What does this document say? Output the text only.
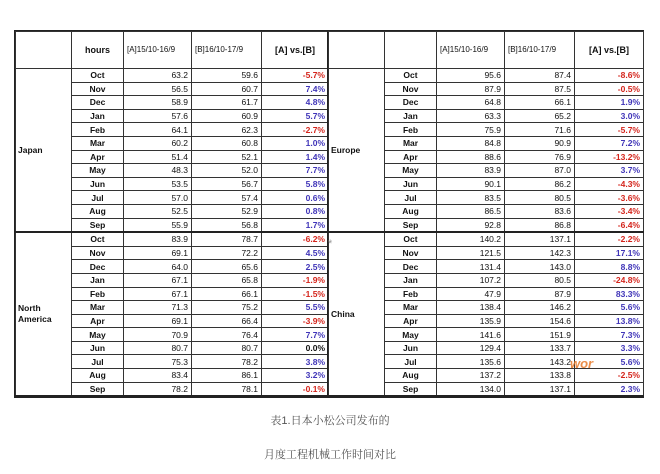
	hours	[A]15/10-16/9	[B]16/10-17/9	[A] vs.[B]
Japan	Oct	63.2	59.6	-5.7%
	Nov	56.5	60.7	7.4%
	Dec	58.9	61.7	4.8%
	Jan	57.6	60.9	5.7%
	Feb	64.1	62.3	-2.7%
	Mar	60.2	60.8	1.0%
	Apr	51.4	52.1	1.4%
	May	48.3	52.0	7.7%
	Jun	53.5	56.7	5.8%
	Jul	57.0	57.4	0.6%
	Aug	52.5	52.9	0.8%
	Sep	55.9	56.8	1.7%
North America	Oct	83.9	78.7	-6.2%
	Nov	69.1	72.2	4.5%
	Dec	64.0	65.6	2.5%
	Jan	67.1	65.8	-1.9%
	Feb	67.1	66.1	-1.5%
	Mar	71.3	75.2	5.5%
	Apr	69.1	66.4	-3.9%
	May	70.9	76.4	7.7%
	Jun	80.7	80.7	0.0%
	Jul	75.3	78.2	3.8%
	Aug	83.4	86.1	3.2%
	Sep	78.2	78.1	-0.1%
		[A]15/10-16/9	[B]16/10-17/9	[A] vs.[B]
Europe	Oct	95.6	87.4	-8.6%
	Nov	87.9	87.5	-0.5%
	Dec	64.8	66.1	1.9%
	Jan	63.3	65.2	3.0%
	Feb	75.9	71.6	-5.7%
	Mar	84.8	90.9	7.2%
	Apr	88.6	76.9	-13.2%
	May	83.9	87.0	3.7%
	Jun	90.1	86.2	-4.3%
	Jul	83.5	80.5	-3.6%
	Aug	86.5	83.6	-3.4%
	Sep	92.8	86.8	-6.4%
China	Oct	140.2	137.1	-2.2%
	Nov	121.5	142.3	17.1%
	Dec	131.4	143.0	8.8%
	Jan	107.2	80.5	-24.8%
	Feb	47.9	87.9	83.3%
	Mar	138.4	146.2	5.6%
	Apr	135.9	154.6	13.8%
	May	141.6	151.9	7.3%
	Jun	129.4	133.7	3.3%
	Jul	135.6	143.2	5.6%
	Aug	137.2	133.8	-2.5%
	Sep	134.0	137.1	2.3%
*
wor
表1.日本小松公司发布的
月度工程机械工作时间对比
